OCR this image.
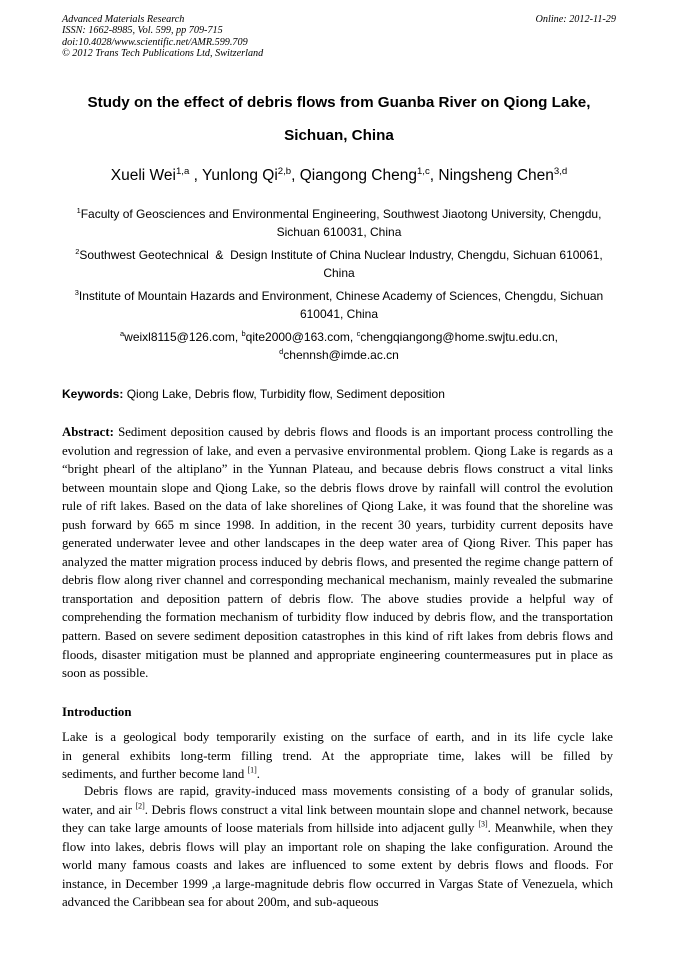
Advanced Materials Research
ISSN: 1662-8985, Vol. 599, pp 709-715
doi:10.4028/www.scientific.net/AMR.599.709
© 2012 Trans Tech Publications Ltd, Switzerland
Online: 2012-11-29
Study on the effect of debris flows from Guanba River on Qiong Lake,
Sichuan, China
Xueli Wei$^{1,a}$ , Yunlong Qi$^{2,b}$, Qiangong Cheng$^{1,c}$, Ningsheng Chen$^{3,d}$
$^1$Faculty of Geosciences and Environmental Engineering, Southwest Jiaotong University, Chengdu,
Sichuan 610031, China
$^2$Southwest Geotechnical  &  Design Institute of China Nuclear Industry, Chengdu, Sichuan 610061,
China
$^3$Institute of Mountain Hazards and Environment, Chinese Academy of Sciences, Chengdu, Sichuan
610041, China
$^a$weixl8115@126.com, $^b$qite2000@163.com, $^c$chengqiangong@home.swjtu.edu.cn,
$^d$chennsh@imde.ac.cn
Keywords: Qiong Lake, Debris flow, Turbidity flow, Sediment deposition
Abstract: Sediment deposition caused by debris flows and floods is an important process controlling the evolution and regression of lake, and even a pervasive environmental problem. Qiong Lake is regards as a “bright phearl of the altiplano” in the Yunnan Plateau, and because debris flows construct a vital links between mountain slope and Qiong Lake, so the debris flows drove by rainfall will control the evolution rule of rift lakes. Based on the data of lake shorelines of Qiong Lake, it was found that the shoreline was push forward by 665 m since 1998. In addition, in the recent 30 years, turbidity current deposits have generated underwater levee and other landscapes in the deep water area of Qiong River. This paper has analyzed the matter migration process induced by debris flows, and presented the regime change pattern of debris flow along river channel and corresponding mechanical mechanism, mainly revealed the submarine transportation and deposition pattern of debris flow. The above studies provide a helpful way of comprehending the formation mechanism of turbidity flow induced by debris flow, and the transportation pattern. Based on severe sediment deposition catastrophes in this kind of rift lakes from debris flows and floods, disaster mitigation must be planned and appropriate engineering countermeasures put in place as soon as possible.
Introduction
Lake is a geological body temporarily existing on the surface of earth, and in its life cycle lake
in general exhibits long-term filling trend. At the appropriate time, lakes will be filled by
sediments, and further become land [1].
Debris flows are rapid, gravity-induced mass movements consisting of a body of granular solids, water, and air [2]. Debris flows construct a vital link between mountain slope and channel network, because they can take large amounts of loose materials from hillside into adjacent gully [3]. Meanwhile, when they flow into lakes, debris flows will play an important role on shaping the lake configuration. Around the world many famous coasts and lakes are influenced to some extent by debris flows and floods. For instance, in December 1999 ,a large-magnitude debris flow occurred in Vargas State of Venezuela, which advanced the Caribbean sea for about 200m, and sub-aqueous
